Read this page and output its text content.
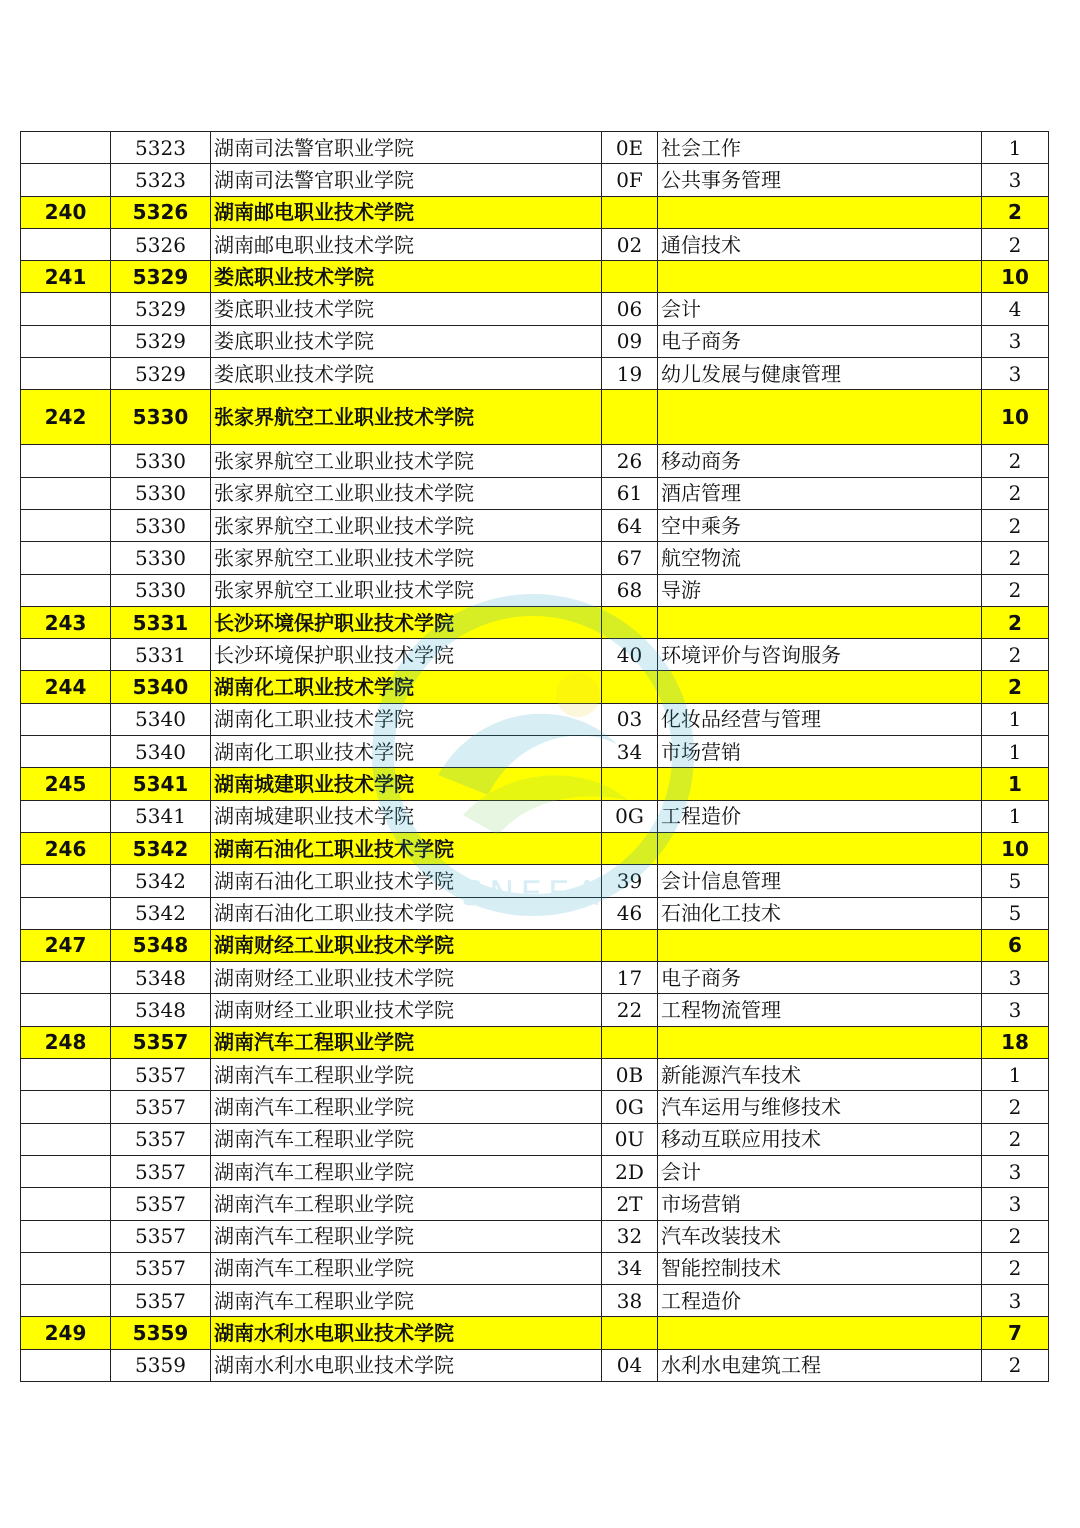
	5323	湖南司法警官职业学院	0E	社会工作	1
	5323	湖南司法警官职业学院	0F	公共事务管理	3
240	5326	湖南邮电职业技术学院			2
	5326	湖南邮电职业技术学院	02	通信技术	2
241	5329	娄底职业技术学院			10
	5329	娄底职业技术学院	06	会计	4
	5329	娄底职业技术学院	09	电子商务	3
	5329	娄底职业技术学院	19	幼儿发展与健康管理	3
242	5330	张家界航空工业职业技术学院			10
	5330	张家界航空工业职业技术学院	26	移动商务	2
	5330	张家界航空工业职业技术学院	61	酒店管理	2
	5330	张家界航空工业职业技术学院	64	空中乘务	2
	5330	张家界航空工业职业技术学院	67	航空物流	2
	5330	张家界航空工业职业技术学院	68	导游	2
243	5331	长沙环境保护职业技术学院			2
	5331	长沙环境保护职业技术学院	40	环境评价与咨询服务	2
244	5340	湖南化工职业技术学院			2
	5340	湖南化工职业技术学院	03	化妆品经营与管理	1
	5340	湖南化工职业技术学院	34	市场营销	1
245	5341	湖南城建职业技术学院			1
	5341	湖南城建职业技术学院	0G	工程造价	1
246	5342	湖南石油化工职业技术学院			10
	5342	湖南石油化工职业技术学院	39	会计信息管理	5
	5342	湖南石油化工职业技术学院	46	石油化工技术	5
247	5348	湖南财经工业职业技术学院			6
	5348	湖南财经工业职业技术学院	17	电子商务	3
	5348	湖南财经工业职业技术学院	22	工程物流管理	3
248	5357	湖南汽车工程职业学院			18
	5357	湖南汽车工程职业学院	0B	新能源汽车技术	1
	5357	湖南汽车工程职业学院	0G	汽车运用与维修技术	2
	5357	湖南汽车工程职业学院	0U	移动互联应用技术	2
	5357	湖南汽车工程职业学院	2D	会计	3
	5357	湖南汽车工程职业学院	2T	市场营销	3
	5357	湖南汽车工程职业学院	32	汽车改装技术	2
	5357	湖南汽车工程职业学院	34	智能控制技术	2
	5357	湖南汽车工程职业学院	38	工程造价	3
249	5359	湖南水利水电职业技术学院			7
	5359	湖南水利水电职业技术学院	04	水利水电建筑工程	2
SNEEA
